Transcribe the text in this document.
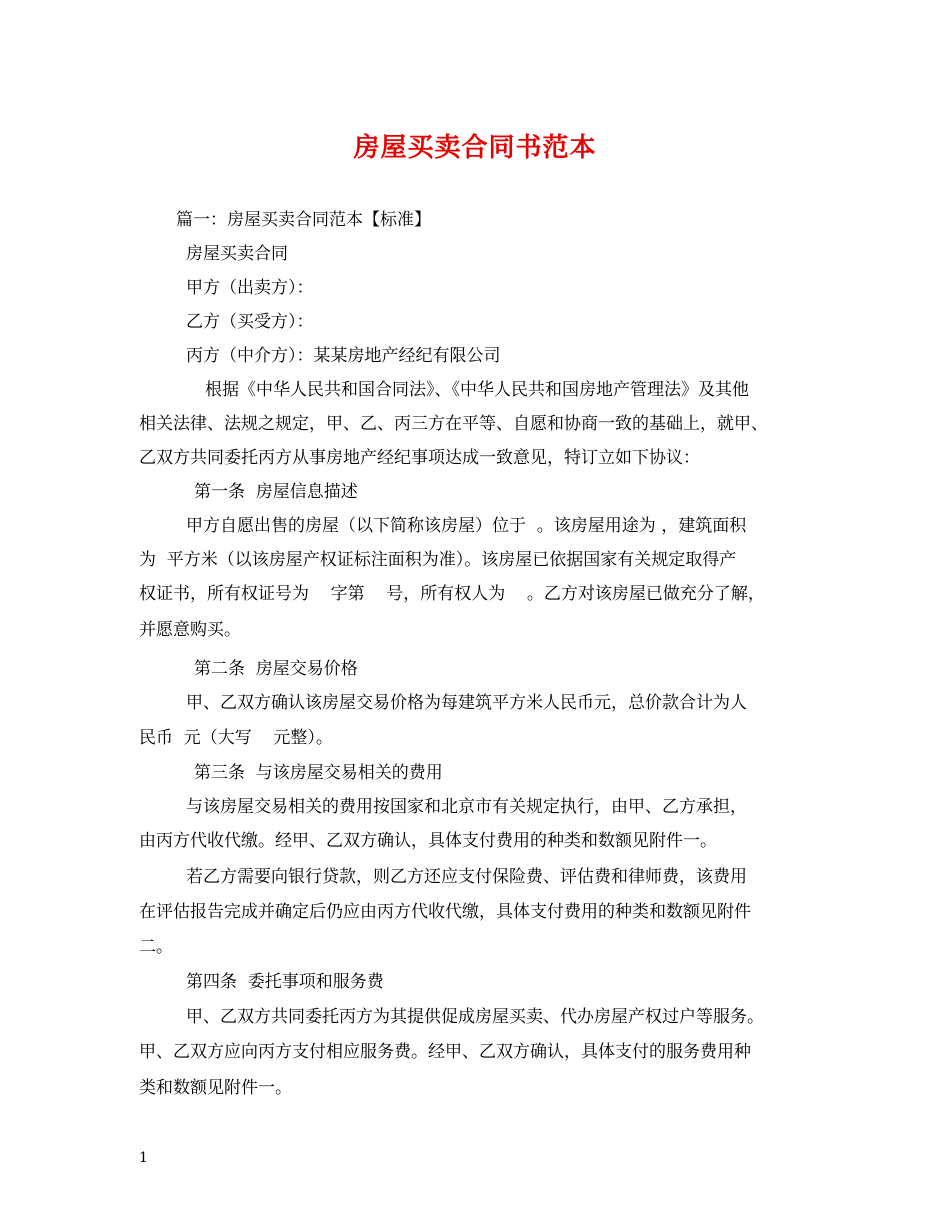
房屋买卖合同书范本
篇一：房屋买卖合同范本【标准】
房屋买卖合同
甲方（出卖方）：
乙方（买受方）：
丙方（中介方）：某某房地产经纪有限公司
根据《中华人民共和国合同法》、《中华人民共和国房地产管理法》及其他
相关法律、法规之规定，甲、乙、丙三方在平等、自愿和协商一致的基础上，就甲、
乙双方共同委托丙方从事房地产经纪事项达成一致意见，特订立如下协议：
第一条  房屋信息描述
甲方自愿出售的房屋（以下简称该房屋）位于  。该房屋用途为 ，建筑面积
为  平方米（以该房屋产权证标注面积为准）。该房屋已依据国家有关规定取得产
权证书，所有权证号为    字第    号，所有权人为    。乙方对该房屋已做充分了解，
并愿意购买。
第二条  房屋交易价格
甲、乙双方确认该房屋交易价格为每建筑平方米人民币元，总价款合计为人
民币  元（大写    元整）。
第三条  与该房屋交易相关的费用
与该房屋交易相关的费用按国家和北京市有关规定执行，由甲、乙方承担，
由丙方代收代缴。经甲、乙双方确认，具体支付费用的种类和数额见附件一。
若乙方需要向银行贷款，则乙方还应支付保险费、评估费和律师费，该费用
在评估报告完成并确定后仍应由丙方代收代缴，具体支付费用的种类和数额见附件
二。
第四条  委托事项和服务费
甲、乙双方共同委托丙方为其提供促成房屋买卖、代办房屋产权过户等服务。
甲、乙双方应向丙方支付相应服务费。经甲、乙双方确认，具体支付的服务费用种
类和数额见附件一。
1
